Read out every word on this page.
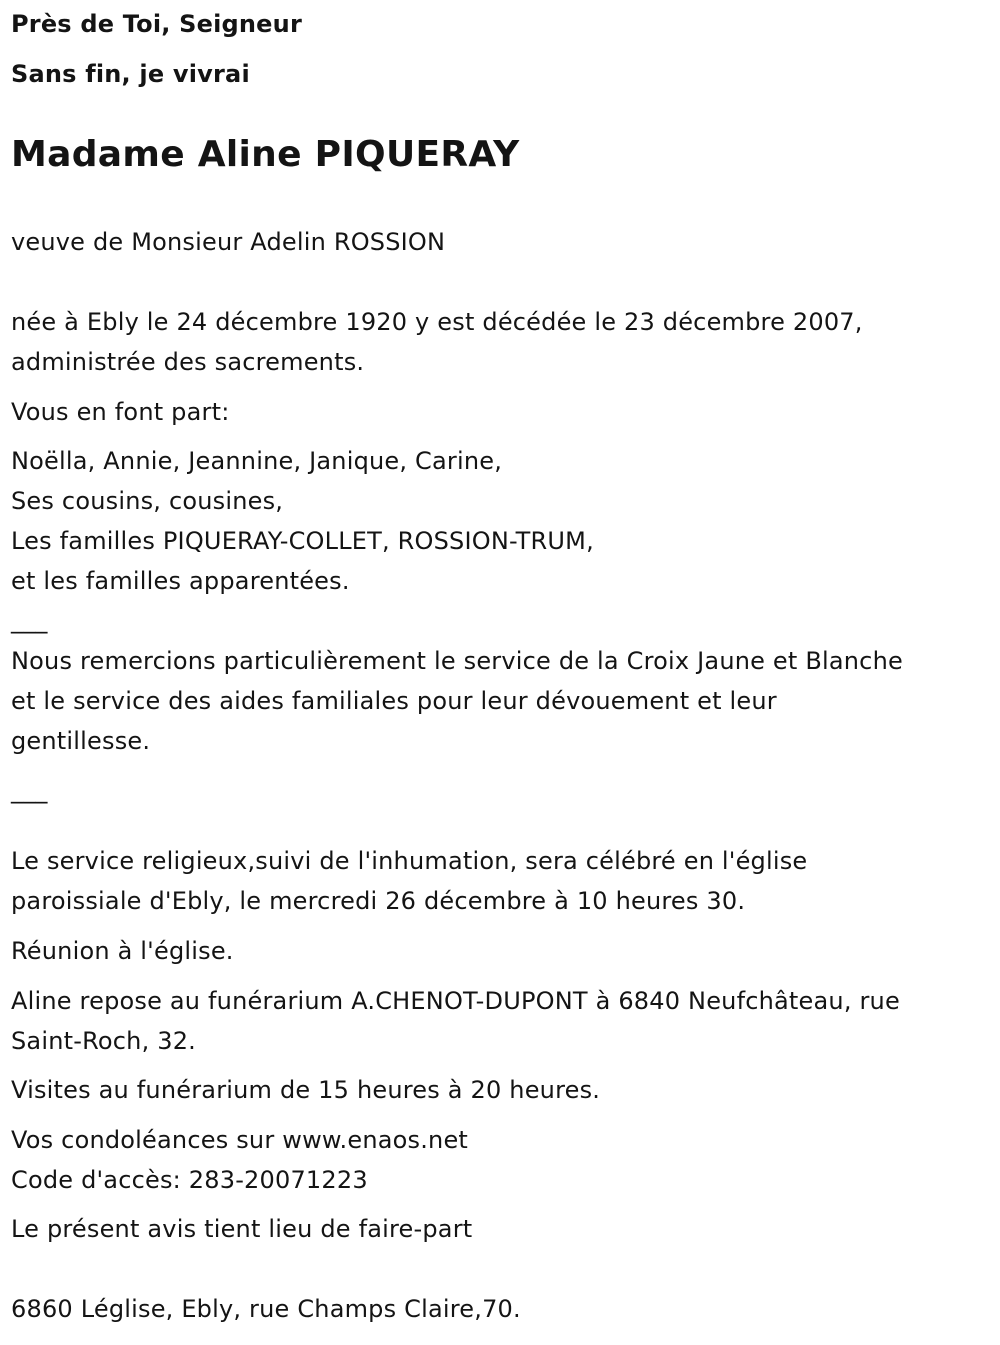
Près de Toi, Seigneur
Sans fin, je vivrai
Madame Aline PIQUERAY
veuve de Monsieur Adelin ROSSION
née à Ebly le 24 décembre 1920 y est décédée le 23 décembre 2007,
administrée des sacrements.
Vous en font part:
Noëlla, Annie, Jeannine, Janique, Carine,
Ses cousins, cousines,
Les familles PIQUERAY-COLLET, ROSSION-TRUM,
et les familles apparentées.
___
Nous remercions particulièrement le service de la Croix Jaune et Blanche
et le service des aides familiales pour leur dévouement et leur
gentillesse.
___
Le service religieux,suivi de l'inhumation, sera célébré en l'église
paroissiale d'Ebly, le mercredi 26 décembre à 10 heures 30.
Réunion à l'église.
Aline repose au funérarium A.CHENOT-DUPONT à 6840 Neufchâteau, rue
Saint-Roch, 32.
Visites au funérarium de 15 heures à 20 heures.
Vos condoléances sur www.enaos.net
Code d'accès: 283-20071223
Le présent avis tient lieu de faire-part
6860 Léglise, Ebly, rue Champs Claire,70.
